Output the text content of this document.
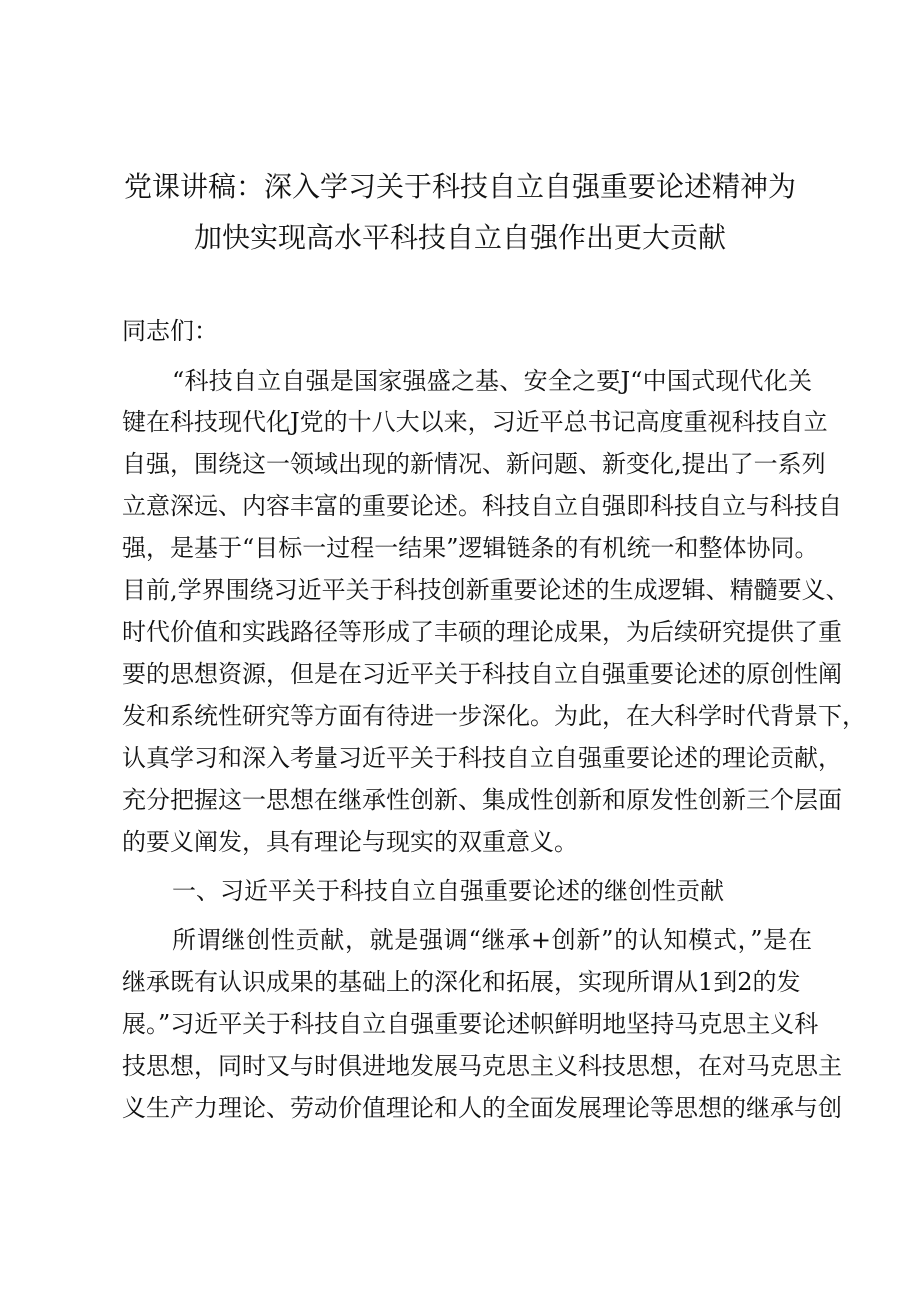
党课讲稿：深入学习关于科技自立自强重要论述精神为
加快实现高水平科技自立自强作出更大贡献
同志们：
“科技自立自强是国家强盛之基、安全之要J“中国式现代化关
键在科技现代化J党的十八大以来，习近平总书记高度重视科技自立
自强，围绕这一领域出现的新情况、新问题、新变化,提出了一系列
立意深远、内容丰富的重要论述。科技自立自强即科技自立与科技自
强，是基于“目标一过程一结果”逻辑链条的有机统一和整体协同。
目前,学界围绕习近平关于科技创新重要论述的生成逻辑、精髓要义、
时代价值和实践路径等形成了丰硕的理论成果，为后续研究提供了重
要的思想资源，但是在习近平关于科技自立自强重要论述的原创性阐
发和系统性研究等方面有待进一步深化。为此，在大科学时代背景下，
认真学习和深入考量习近平关于科技自立自强重要论述的理论贡献，
充分把握这一思想在继承性创新、集成性创新和原发性创新三个层面
的要义阐发，具有理论与现实的双重意义。
一、习近平关于科技自立自强重要论述的继创性贡献
所谓继创性贡献，就是强调“继承+创新”的认知模式，”是在
继承既有认识成果的基础上的深化和拓展，实现所谓从1到2的发
展。”习近平关于科技自立自强重要论述帜鲜明地坚持马克思主义科
技思想，同时又与时俱进地发展马克思主义科技思想，在对马克思主
义生产力理论、劳动价值理论和人的全面发展理论等思想的继承与创
